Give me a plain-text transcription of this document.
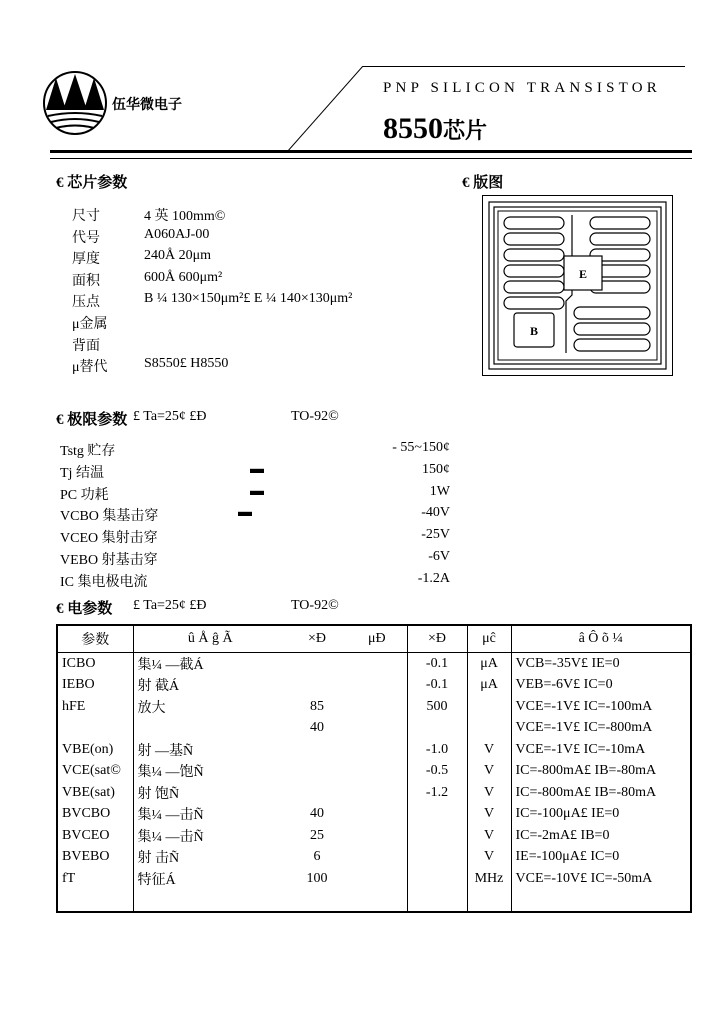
伍华微电子
PNP SILICON TRANSISTOR
8550芯片
€ 芯片参数
尺寸	4 英 100mm©
代号	A060AJ-00
厚度	240Å 20μm
面积	600Å 600μm²
压点	B ¼ 130×150μm²£ E ¼ 140×130μm²
μ金属
背面
μ替代	S8550£ H8550
€ 版图
E
B
€ 极限参数 £ Ta=25¢ £Ð	TO-92©
Tstg 贮存	- 55~150¢
Tj 结温	▬	150¢
PC 功耗	▬	1W
VCBO 集基击穿	▬	-40V
VCEO 集射击穿	-25V
VEBO 射基击穿	-6V
IC 集电极电流	-1.2A
€ 电参数 £ Ta=25¢ £Ð	TO-92©
参数	û Å ĝ Ã	×Ð	μÐ	×Ð	μĉ	â Ô õ ¼
ICBO	集¼ —截Á			-0.1	μA	VCB=-35V£ IE=0
IEBO	射 截Á			-0.1	μA	VEB=-6V£ IC=0
hFE	放大	85		500		VCE=-1V£ IC=-100mA
		40				VCE=-1V£ IC=-800mA
VBE(on)	射 —基Ñ			-1.0	V	VCE=-1V£ IC=-10mA
VCE(sat©	集¼ —饱Ñ			-0.5	V	IC=-800mA£ IB=-80mA
VBE(sat)	射 饱Ñ			-1.2	V	IC=-800mA£ IB=-80mA
BVCBO	集¼ —击Ñ	40			V	IC=-100μA£ IE=0
BVCEO	集¼ —击Ñ	25			V	IC=-2mA£ IB=0
BVEBO	射 击Ñ	6			V	IE=-100μA£ IC=0
fT	特征Á	100			MHz	VCE=-10V£ IC=-50mA
